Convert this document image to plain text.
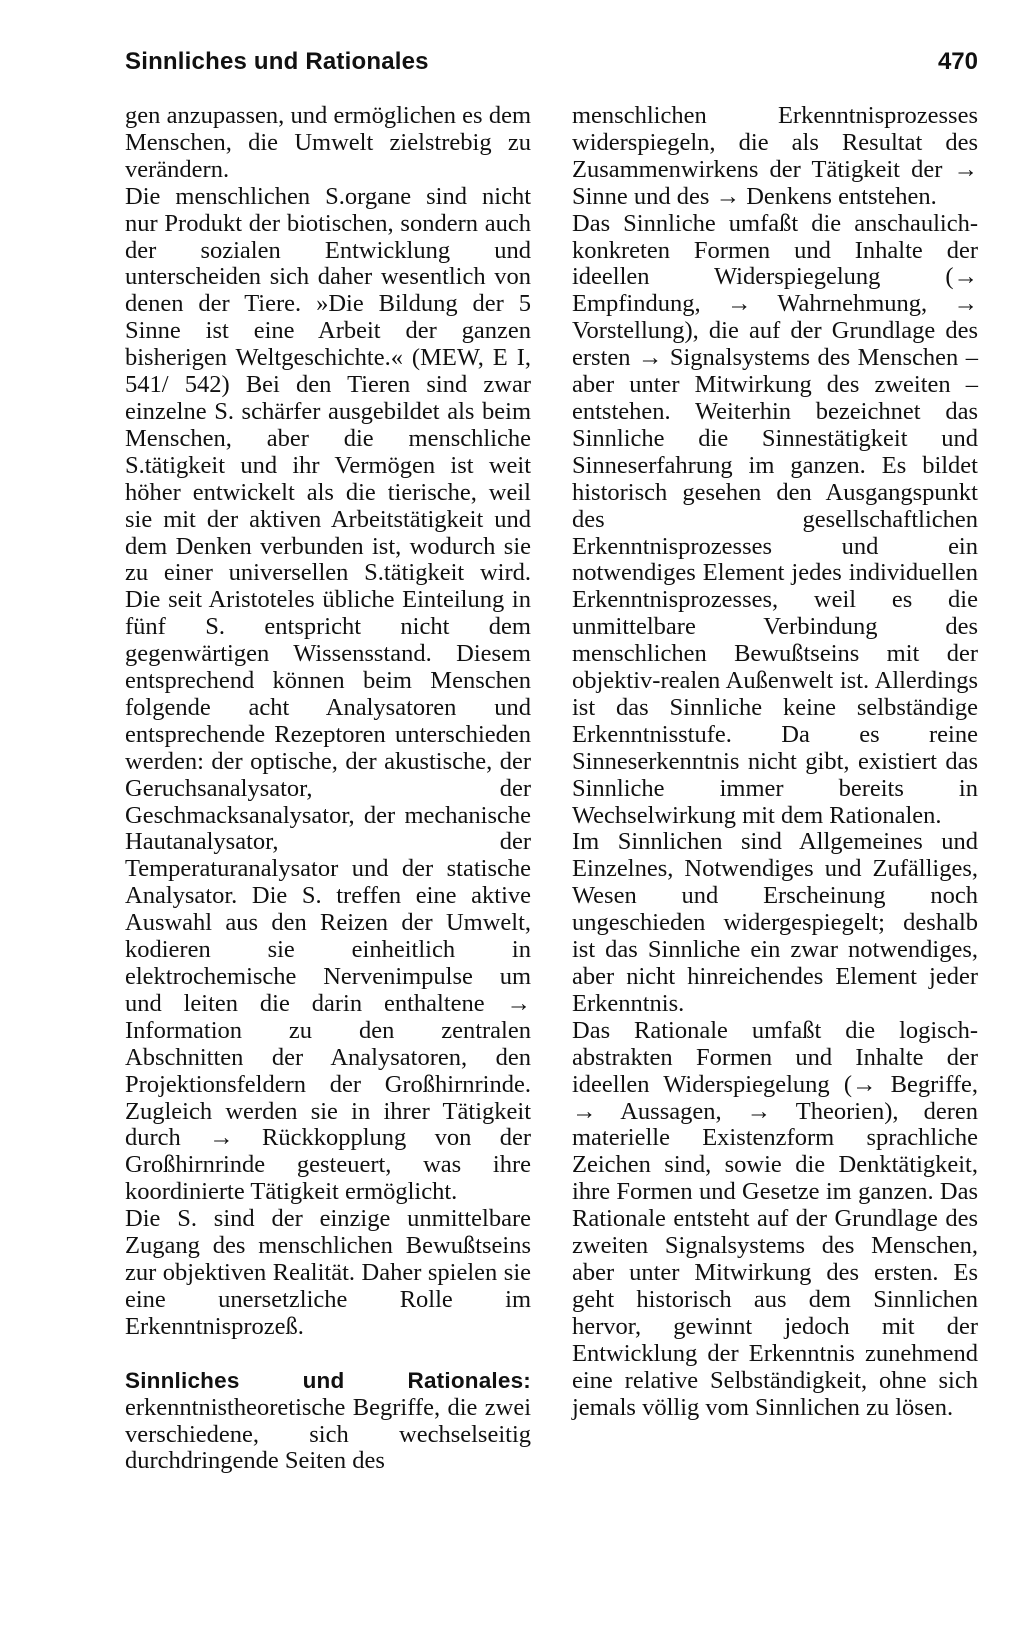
Sinnliches und Rationales	470

gen anzupassen, und ermöglichen es dem Menschen, die Umwelt zielstrebig zu verändern.

Die menschlichen S.organe sind nicht nur Produkt der biotischen, sondern auch der sozialen Entwicklung und unterscheiden sich daher wesentlich von denen der Tiere. »Die Bildung der 5 Sinne ist eine Arbeit der ganzen bisherigen Weltgeschichte.« (MEW, E I, 541/ 542) Bei den Tieren sind zwar einzelne S. schärfer ausgebildet als beim Menschen, aber die menschliche S.tätigkeit und ihr Vermögen ist weit höher entwickelt als die tierische, weil sie mit der aktiven Arbeitstätigkeit und dem Denken verbunden ist, wodurch sie zu einer universellen S.tätigkeit wird. Die seit Aristoteles übliche Einteilung in fünf S. entspricht nicht dem gegenwärtigen Wissensstand. Diesem entsprechend können beim Menschen folgende acht Analysatoren und entsprechende Rezeptoren unterschieden werden: der optische, der akustische, der Geruchsanalysator, der Geschmacksanalysator, der mechanische Hautanalysator, der Temperaturanalysator und der statische Analysator. Die S. treffen eine aktive Auswahl aus den Reizen der Umwelt, kodieren sie einheitlich in elektrochemische Nervenimpulse um und leiten die darin enthaltene → Information zu den zentralen Abschnitten der Analysatoren, den Projektionsfeldern der Großhirnrinde. Zugleich werden sie in ihrer Tätigkeit durch → Rückkopplung von der Großhirnrinde gesteuert, was ihre koordinierte Tätigkeit ermöglicht.

Die S. sind der einzige unmittelbare Zugang des menschlichen Bewußtseins zur objektiven Realität. Daher spielen sie eine unersetzliche Rolle im Erkenntnisprozeß.

Sinnliches und Rationales: erkenntnistheoretische Begriffe, die zwei verschiedene, sich wechselseitig durchdringende Seiten des

menschlichen Erkenntnisprozesses widerspiegeln, die als Resultat des Zusammenwirkens der Tätigkeit der → Sinne und des → Denkens entstehen.

Das Sinnliche umfaßt die anschaulich-konkreten Formen und Inhalte der ideellen Widerspiegelung (→ Empfindung, → Wahrnehmung, → Vorstellung), die auf der Grundlage des ersten → Signalsystems des Menschen – aber unter Mitwirkung des zweiten – entstehen. Weiterhin bezeichnet das Sinnliche die Sinnestätigkeit und Sinneserfahrung im ganzen. Es bildet historisch gesehen den Ausgangspunkt des gesellschaftlichen Erkenntnisprozesses und ein notwendiges Element jedes individuellen Erkenntnisprozesses, weil es die unmittelbare Verbindung des menschlichen Bewußtseins mit der objektiv-realen Außenwelt ist. Allerdings ist das Sinnliche keine selbständige Erkenntnisstufe. Da es reine Sinneserkenntnis nicht gibt, existiert das Sinnliche immer bereits in Wechselwirkung mit dem Rationalen.

Im Sinnlichen sind Allgemeines und Einzelnes, Notwendiges und Zufälliges, Wesen und Erscheinung noch ungeschieden widergespiegelt; deshalb ist das Sinnliche ein zwar notwendiges, aber nicht hinreichendes Element jeder Erkenntnis.

Das Rationale umfaßt die logisch-abstrakten Formen und Inhalte der ideellen Widerspiegelung (→ Begriffe, → Aussagen, → Theorien), deren materielle Existenzform sprachliche Zeichen sind, sowie die Denktätigkeit, ihre Formen und Gesetze im ganzen. Das Rationale entsteht auf der Grundlage des zweiten Signalsystems des Menschen, aber unter Mitwirkung des ersten. Es geht historisch aus dem Sinnlichen hervor, gewinnt jedoch mit der Entwicklung der Erkenntnis zunehmend eine relative Selbständigkeit, ohne sich jemals völlig vom Sinnlichen zu lösen.
